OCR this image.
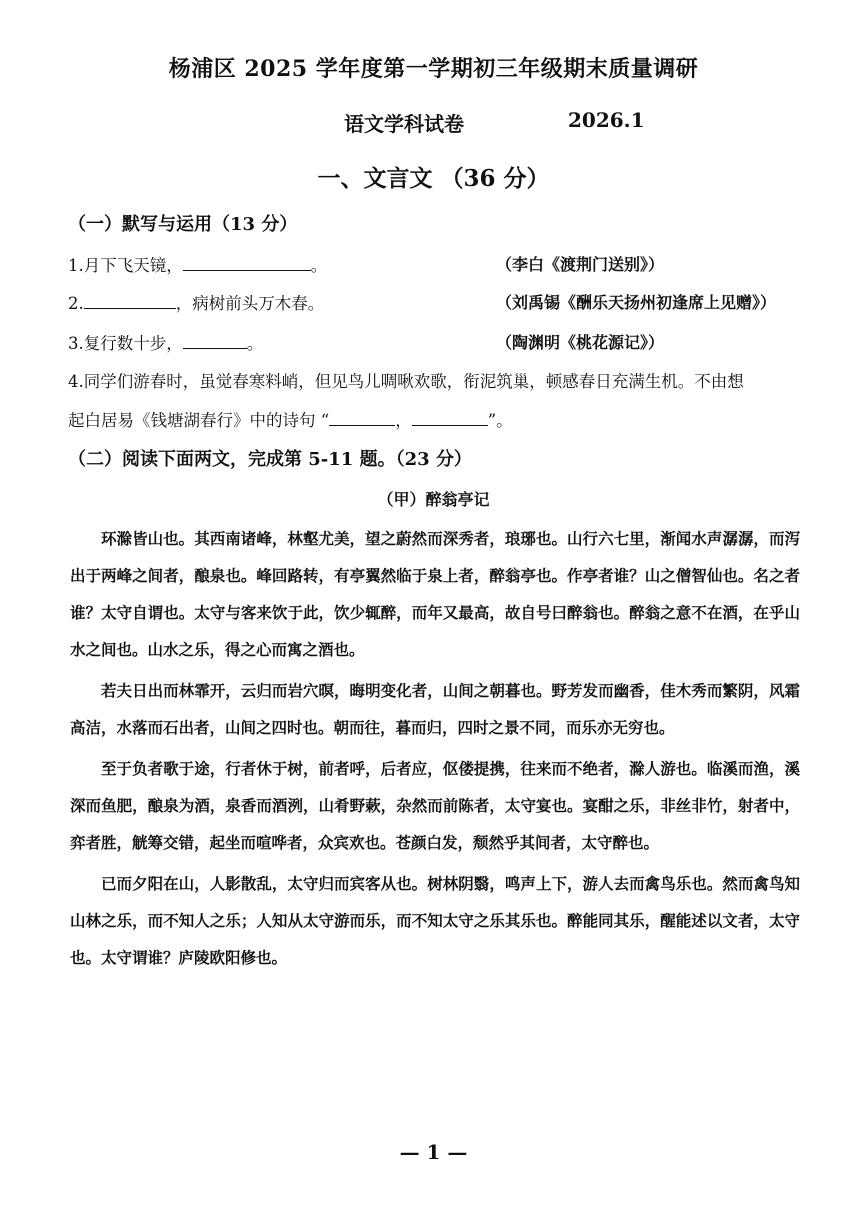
杨浦区 2025 学年度第一学期初三年级期末质量调研
语文学科试卷	2026.1
一、文言文 （36 分）
（一）默写与运用（13 分）
1.月下飞天镜，	。	（李白《渡荆门送别》）
2.	，病树前头万木春。	（刘禹锡《酬乐天扬州初逢席上见赠》）
3.复行数十步，	。	（陶渊明《桃花源记》）
4.同学们游春时，虽觉春寒料峭，但见鸟儿啁啾欢歌，衔泥筑巢，顿感春日充满生机。不由想
起白居易《钱塘湖春行》中的诗句 “	，	”。
（二）阅读下面两文，完成第 5-11 题。（23 分）
（甲）醉翁亭记

环滁皆山也。其西南诸峰，林壑尤美，望之蔚然而深秀者，琅琊也。山行六七里，渐闻水声潺潺，而泻出于两峰之间者，酿泉也。峰回路转，有亭翼然临于泉上者，醉翁亭也。作亭者谁？山之僧智仙也。名之者谁？太守自谓也。太守与客来饮于此，饮少辄醉，而年又最高，故自号曰醉翁也。醉翁之意不在酒，在乎山水之间也。山水之乐，得之心而寓之酒也。

若夫日出而林霏开，云归而岩穴暝，晦明变化者，山间之朝暮也。野芳发而幽香，佳木秀而繁阴，风霜高洁，水落而石出者，山间之四时也。朝而往，暮而归，四时之景不同，而乐亦无穷也。

至于负者歌于途，行者休于树，前者呼，后者应，伛偻提携，往来而不绝者，滁人游也。临溪而渔，溪深而鱼肥，酿泉为酒，泉香而酒洌，山肴野蔌，杂然而前陈者，太守宴也。宴酣之乐，非丝非竹，射者中，弈者胜，觥筹交错，起坐而喧哗者，众宾欢也。苍颜白发，颓然乎其间者，太守醉也。

已而夕阳在山，人影散乱，太守归而宾客从也。树林阴翳，鸣声上下，游人去而禽鸟乐也。然而禽鸟知山林之乐，而不知人之乐；人知从太守游而乐，而不知太守之乐其乐也。醉能同其乐，醒能述以文者，太守也。太守谓谁？庐陵欧阳修也。

— 1 —
